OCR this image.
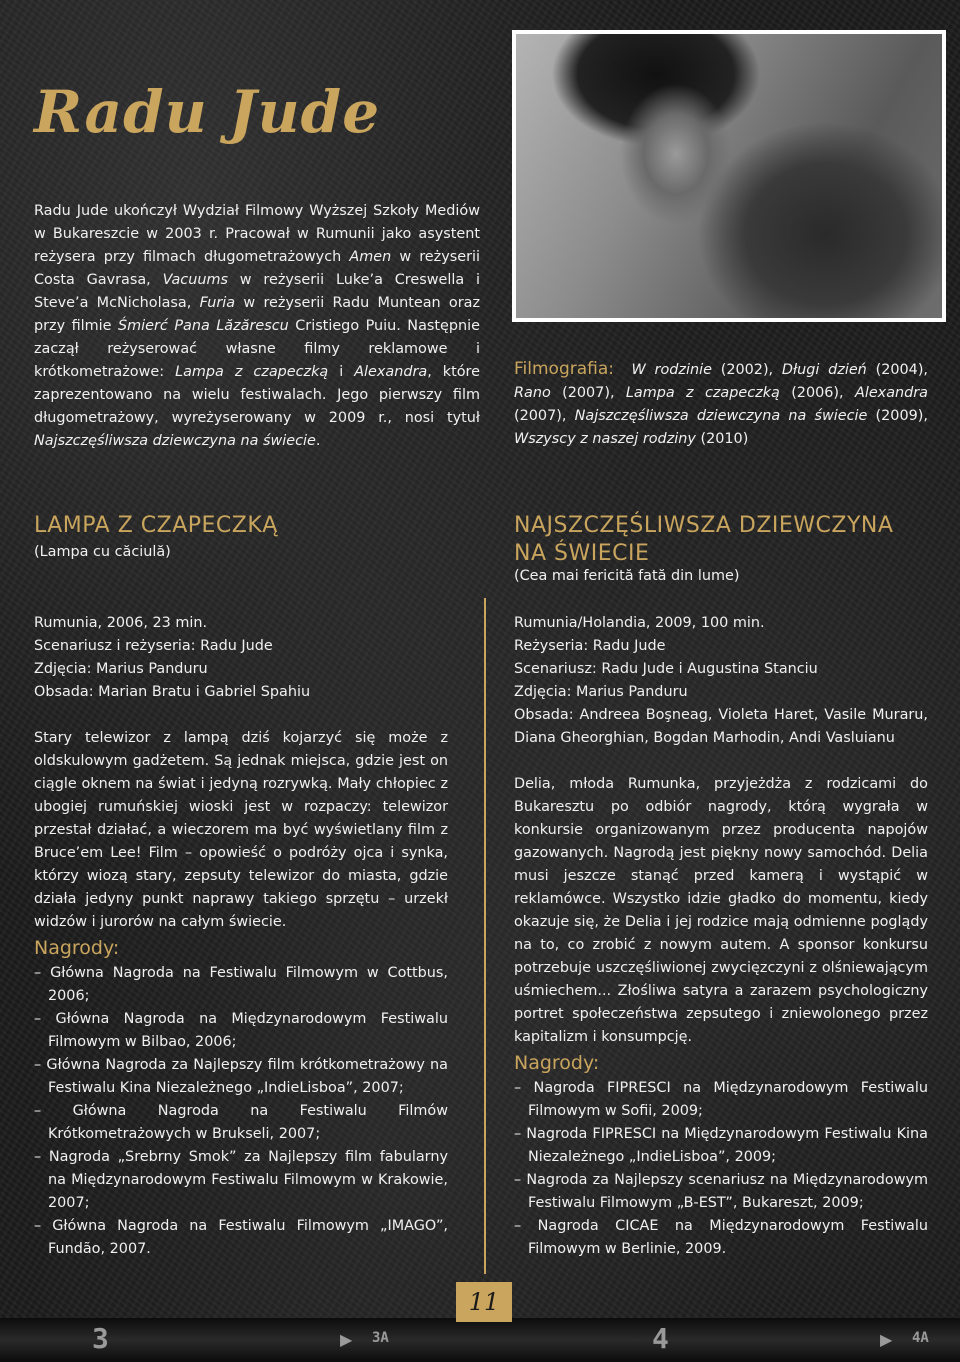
Radu Jude
Radu Jude ukończył Wydział Filmowy Wyższej Szkoły Mediów w Bukareszcie w 2003 r. Pracował w Rumunii jako asystent reżysera przy filmach długometrażowych Amen w reżyserii Costa Gavrasa, Vacuums w reżyserii Luke’a Creswella i Steve’a McNicholasa, Furia w reżyserii Radu Muntean oraz przy filmie Śmierć Pana Lăzărescu Cristiego Puiu. Następnie zaczął reżyserować własne filmy reklamowe i krótkometrażowe: Lampa z czapeczką i Alexandra, które zaprezentowano na wielu festiwalach. Jego pierwszy film długometrażowy, wyreżyserowany w 2009 r., nosi tytuł Najszczęśliwsza dziewczyna na świecie.
Filmografia: W rodzinie (2002), Długi dzień (2004), Rano (2007), Lampa z czapeczką (2006), Alexandra (2007), Najszczęśliwsza dziewczyna na świecie (2009), Wszyscy z naszej rodziny (2010)
LAMPA Z CZAPECZKĄ
(Lampa cu căciulă)
NAJSZCZĘŚLIWSZA DZIEWCZYNA
NA ŚWIECIE
(Cea mai fericită fată din lume)

Rumunia, 2006, 23 min.

Scenariusz i reżyseria: Radu Jude

Zdjęcia: Marius Panduru

Obsada: Marian Bratu i Gabriel Spahiu

Stary telewizor z lampą dziś kojarzyć się może z oldskulowym gadżetem. Są jednak miejsca, gdzie jest on ciągle oknem na świat i jedyną rozrywką. Mały chłopiec z ubogiej rumuńskiej wioski jest w rozpaczy: telewizor przestał działać, a wieczorem ma być wyświetlany film z Bruce’em Lee! Film – opowieść o podróży ojca i synka, którzy wiozą stary, zepsuty telewizor do miasta, gdzie działa jedyny punkt naprawy takiego sprzętu – urzekł widzów i jurorów na całym świecie.

Nagrody:

– Główna Nagroda na Festiwalu Filmowym w Cottbus, 2006;

– Główna Nagroda na Międzynarodowym Festiwalu Filmowym w Bilbao, 2006;

– Główna Nagroda za Najlepszy film krótkometrażowy na Festiwalu Kina Niezależnego „IndieLisboa”, 2007;

– Główna Nagroda na Festiwalu Filmów Krótkometrażowych w Brukseli, 2007;

– Nagroda „Srebrny Smok” za Najlepszy film fabularny na Międzynarodowym Festiwalu Filmowym w Krakowie, 2007;

– Główna Nagroda na Festiwalu Filmowym „IMAGO”, Fundão, 2007.

Rumunia/Holandia, 2009, 100 min.

Reżyseria: Radu Jude

Scenariusz: Radu Jude i Augustina Stanciu

Zdjęcia: Marius Panduru

Obsada: Andreea Boşneag, Violeta Haret, Vasile Muraru, Diana Gheorghian, Bogdan Marhodin, Andi Vasluianu

Delia, młoda Rumunka, przyjeżdża z rodzicami do Bukaresztu po odbiór nagrody, którą wygrała w konkursie organizowanym przez producenta napojów gazowanych. Nagrodą jest piękny nowy samochód. Delia musi jeszcze stanąć przed kamerą i wystąpić w reklamówce. Wszystko idzie gładko do momentu, kiedy okazuje się, że Delia i jej rodzice mają odmienne poglądy na to, co zrobić z nowym autem. A sponsor konkursu potrzebuje uszczęśliwionej zwycięzczyni z olśniewającym uśmiechem... Złośliwa satyra a zarazem psychologiczny portret społeczeństwa zepsutego i zniewolonego przez kapitalizm i konsumpcję.

Nagrody:

– Nagroda FIPRESCI na Międzynarodowym Festiwalu Filmowym w Sofii, 2009;

– Nagroda FIPRESCI na Międzynarodowym Festiwalu Kina Niezależnego „IndieLisboa”, 2009;

– Nagroda za Najlepszy scenariusz na Międzynarodowym Festiwalu Filmowym „B-EST”, Bukareszt, 2009;

– Nagroda CICAE na Międzynarodowym Festiwalu Filmowym w Berlinie, 2009.

3	▶ 3A	4	▶ 4A
11
